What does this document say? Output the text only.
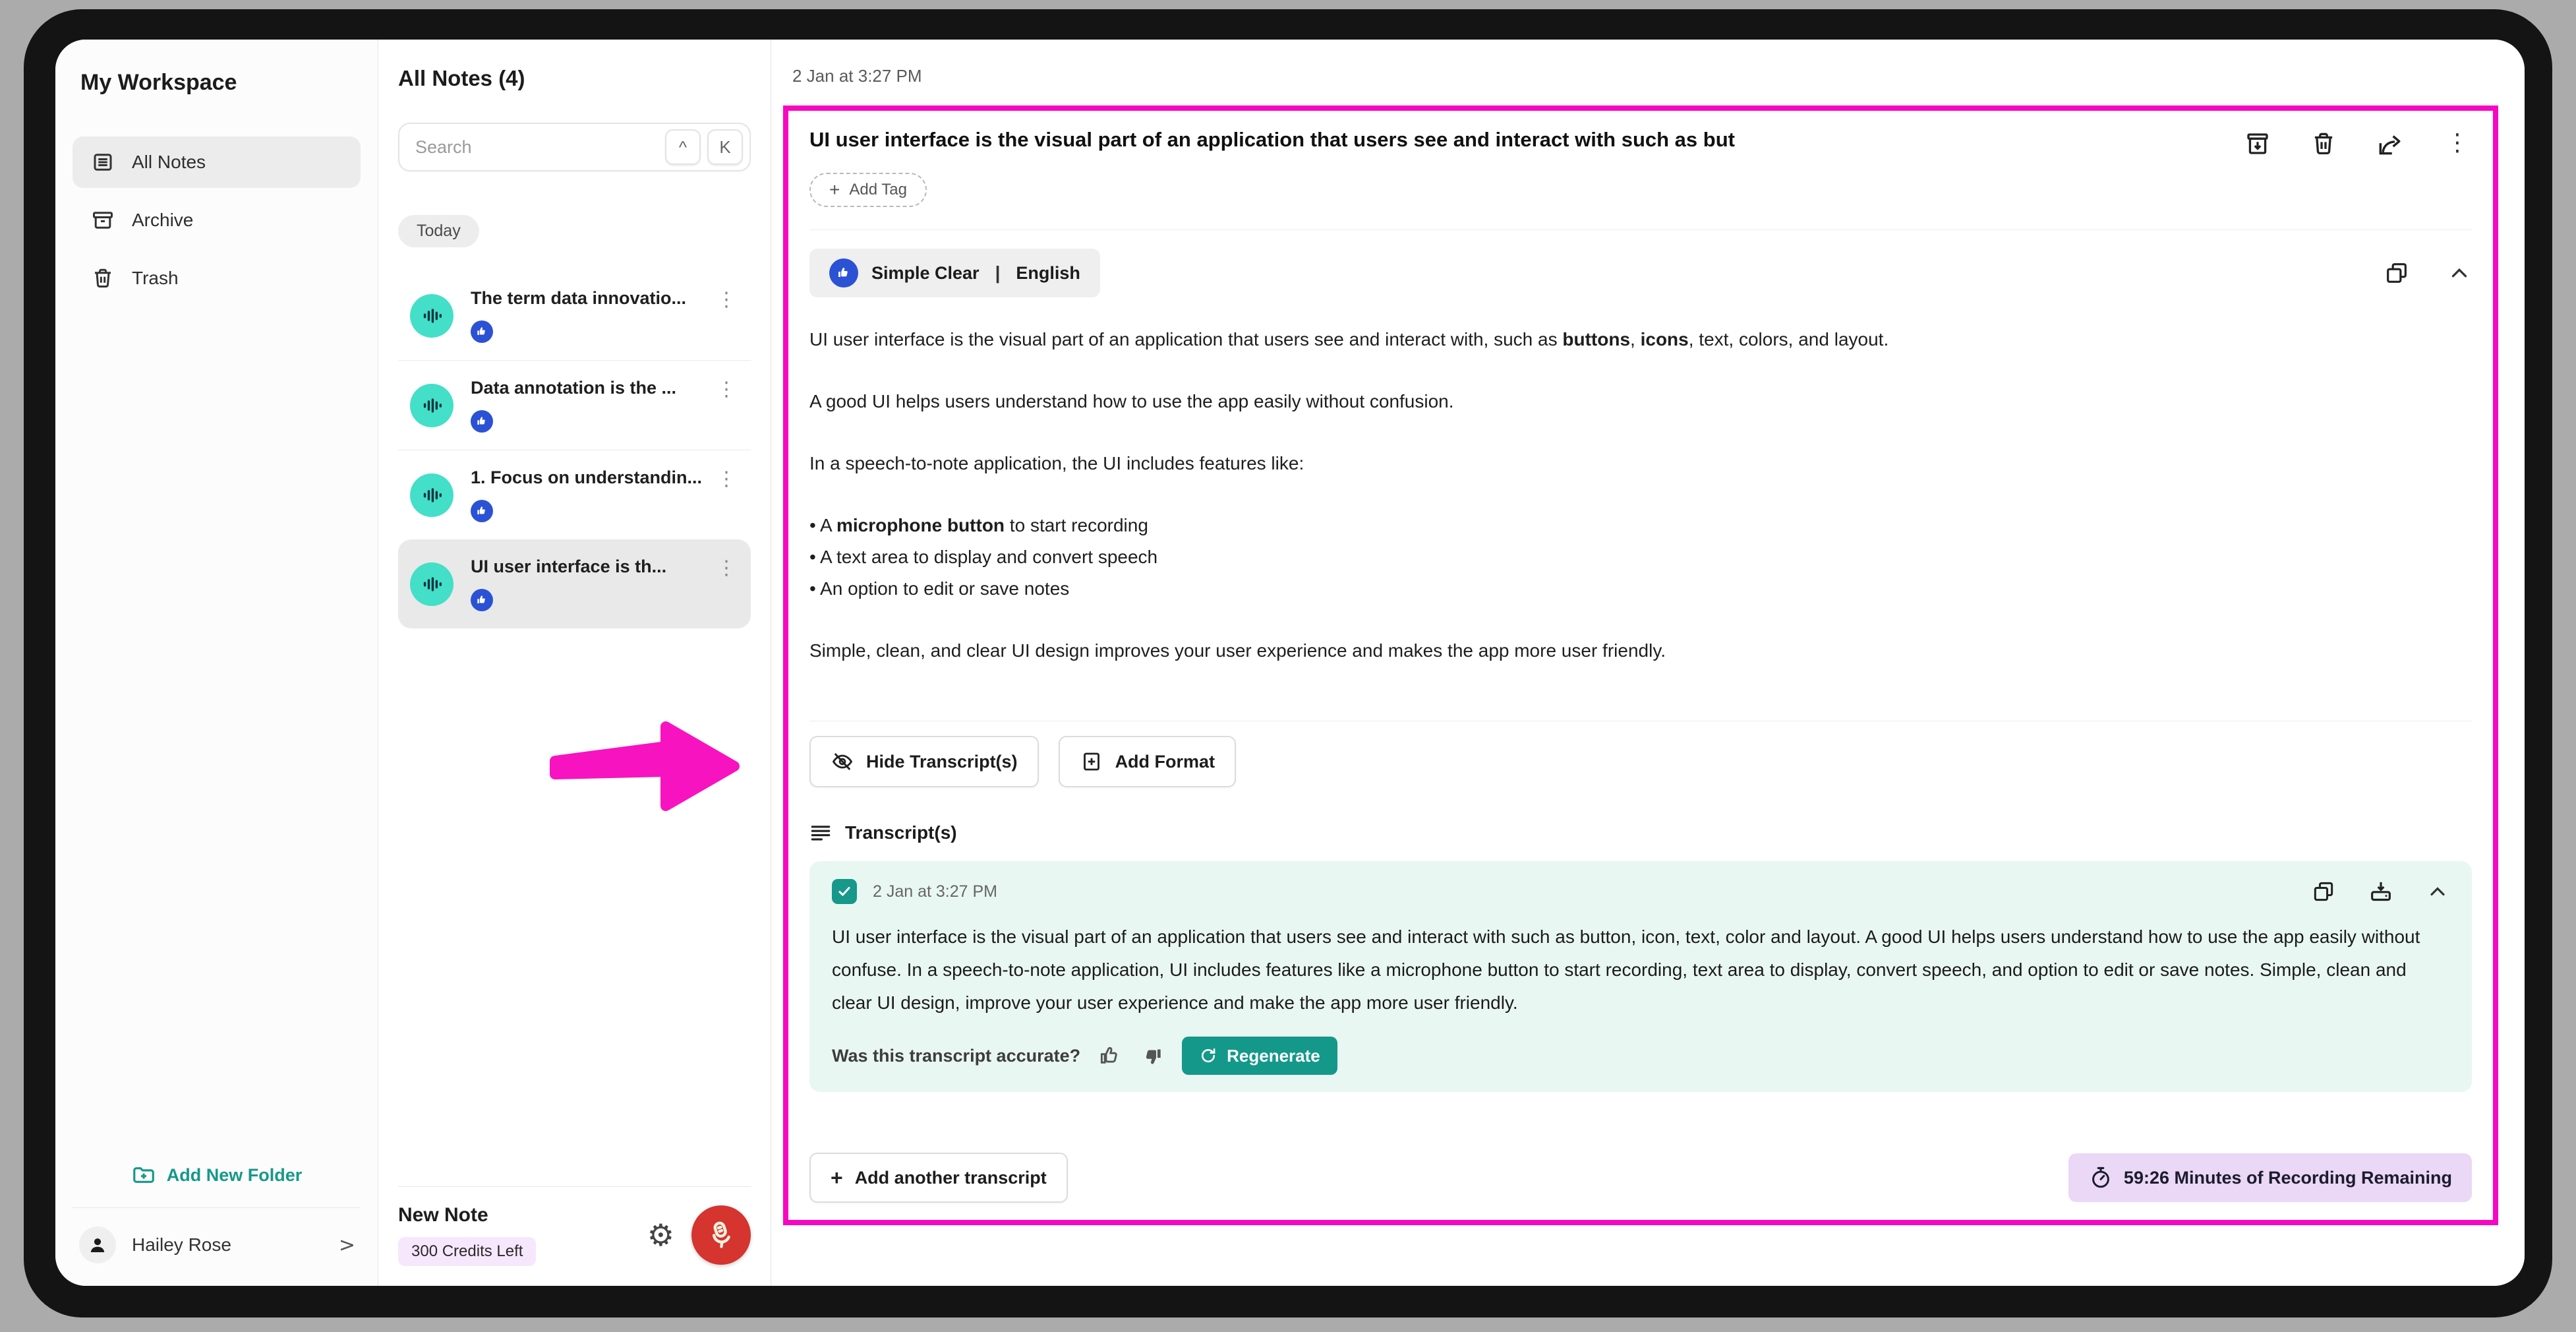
My Workspace
All Notes
Archive
Trash
Add New Folder
Hailey Rose	>
All Notes (4)
Search
^	K
Today
The term data innovatio...	⋮
Data annotation is the ...	⋮
1. Focus on understandin... ⋮
UI user interface is th...	⋮
New Note
300 Credits Left	⚙
2 Jan at 3:27 PM
UI user interface is the visual part of an application that users see and interact with such as but	⋮
+ Add Tag
Simple Clear | English
UI user interface is the visual part of an application that users see and interact with, such as buttons, icons, text, colors, and layout.
A good UI helps users understand how to use the app easily without confusion.
In a speech-to-note application, the UI includes features like:
• A microphone button to start recording
• A text area to display and convert speech
• An option to edit or save notes
Simple, clean, and clear UI design improves your user experience and makes the app more user friendly.
Hide Transcript(s)	Add Format
Transcript(s)
2 Jan at 3:27 PM
UI user interface is the visual part of an application that users see and interact with such as button, icon, text, color and layout. A good UI helps users understand how to use the app easily without confuse. In a speech-to-note application, UI includes features like a microphone button to start recording, text area to display, convert speech, and option to edit or save notes. Simple, clean and clear UI design, improve your user experience and make the app more user friendly.
Was this transcript accurate?	Regenerate
+ Add another transcript	59:26 Minutes of Recording Remaining
